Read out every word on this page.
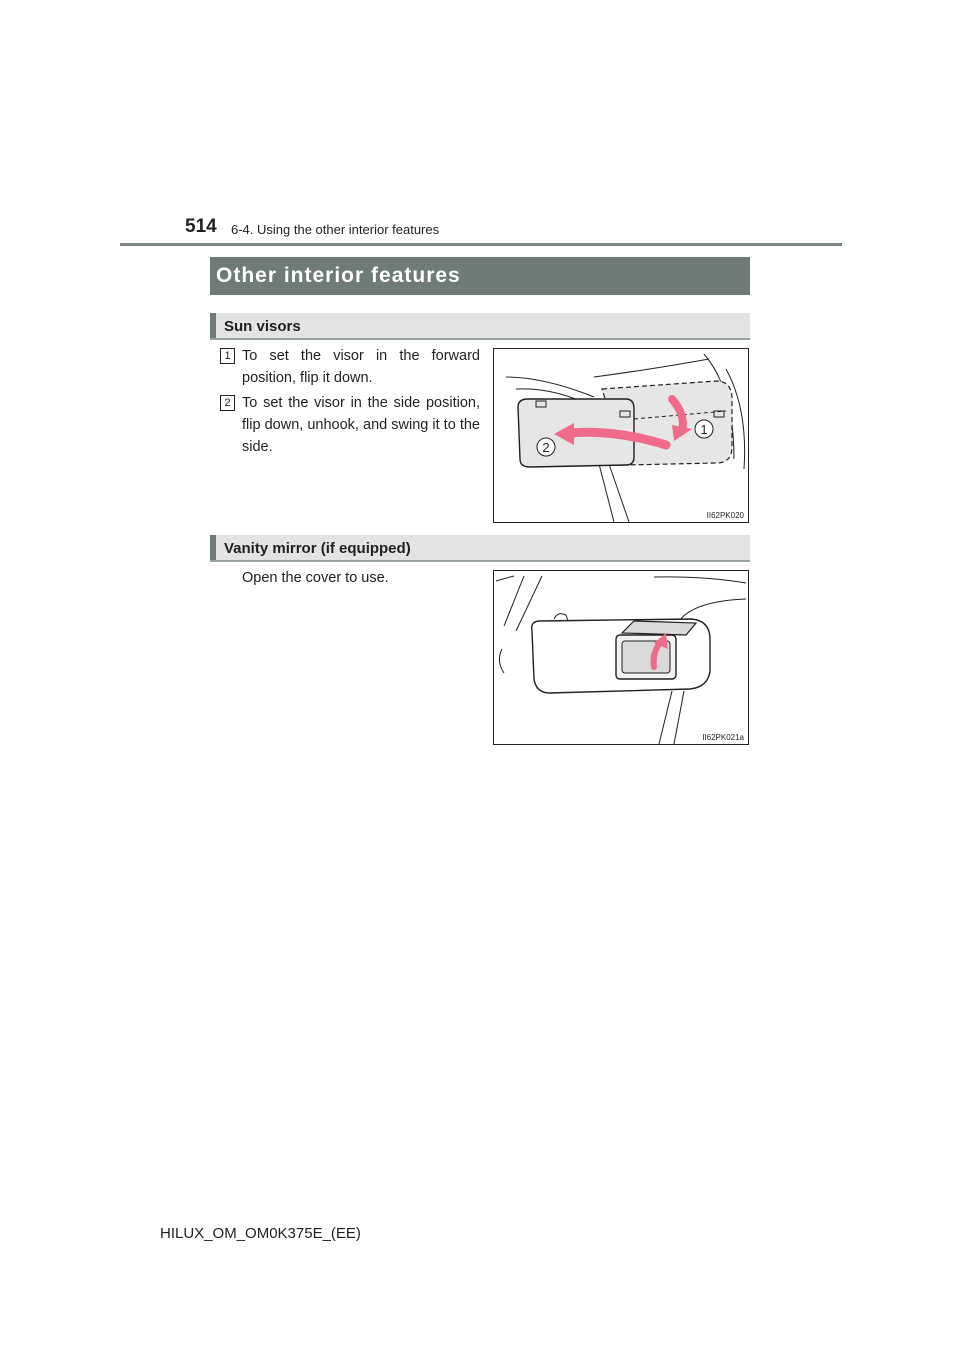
514 6-4. Using the other interior features
Other interior features
Sun visors
1 To set the visor in the forward position, flip it down.
2 To set the visor in the side position, flip down, unhook, and swing it to the side.
1
2
II62PK020
Vanity mirror (if equipped)
Open the cover to use.
II62PK021a
HILUX_OM_OM0K375E_(EE)
